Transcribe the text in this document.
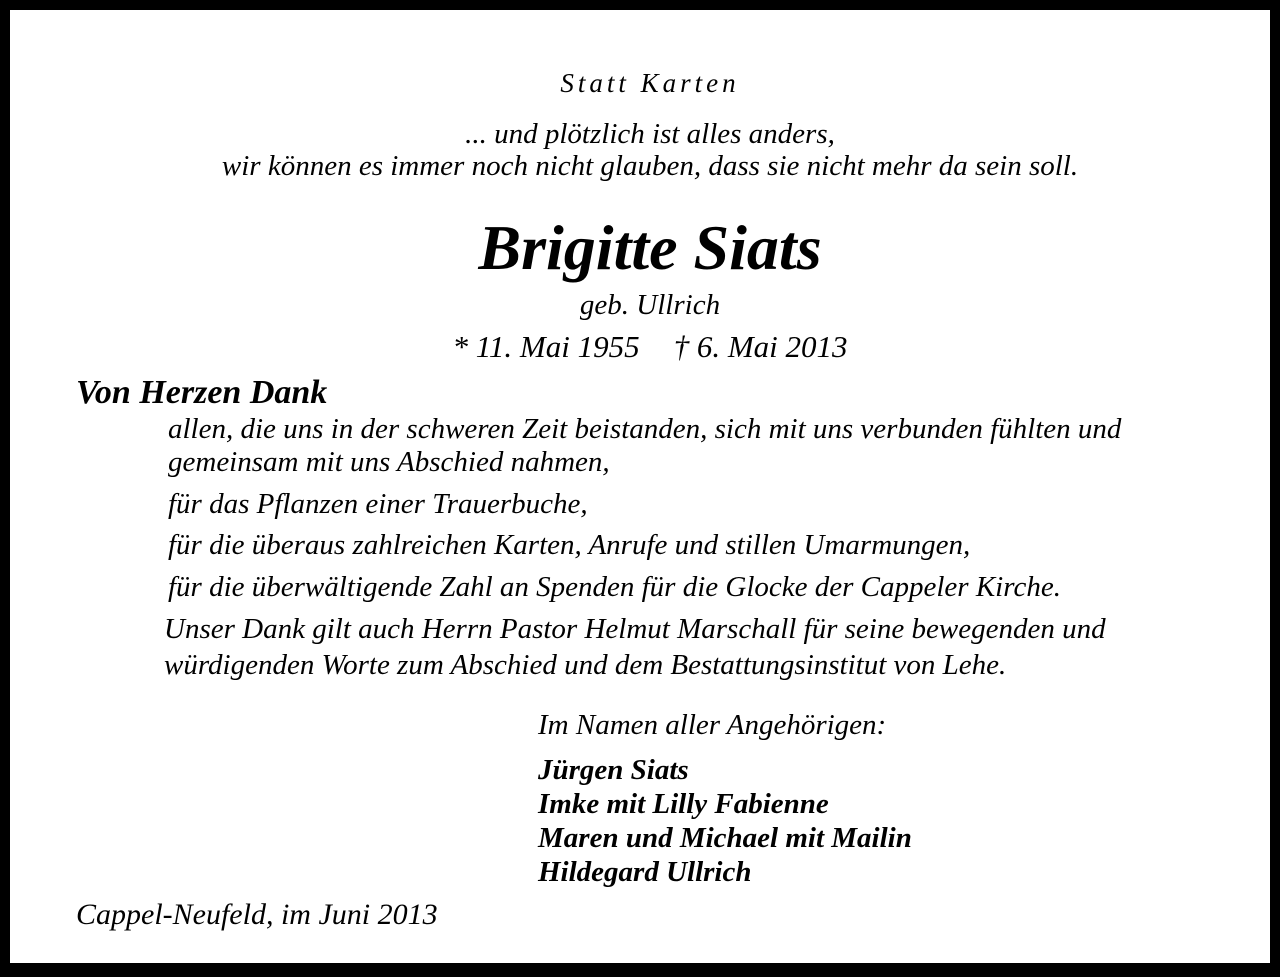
Statt Karten

... und plötzlich ist alles anders,

wir können es immer noch nicht glauben, dass sie nicht mehr da sein soll.

Brigitte Siats

geb. Ullrich

* 11. Mai 1955 † 6. Mai 2013

Von Herzen Dank

allen, die uns in der schweren Zeit beistanden, sich mit uns verbunden fühlten und

gemeinsam mit uns Abschied nahmen,

für das Pflanzen einer Trauerbuche,

für die überaus zahlreichen Karten, Anrufe und stillen Umarmungen,

für die überwältigende Zahl an Spenden für die Glocke der Cappeler Kirche.

Unser Dank gilt auch Herrn Pastor Helmut Marschall für seine bewegenden und

würdigenden Worte zum Abschied und dem Bestattungsinstitut von Lehe.

Im Namen aller Angehörigen:

Jürgen Siats

Imke mit Lilly Fabienne

Maren und Michael mit Mailin

Hildegard Ullrich

Cappel-Neufeld, im Juni 2013
